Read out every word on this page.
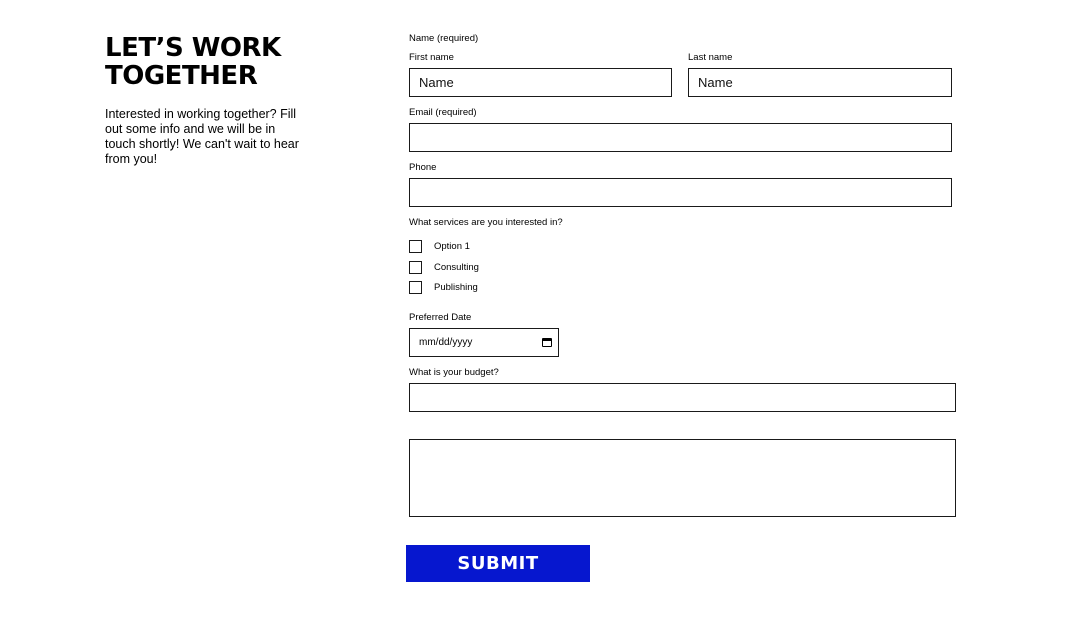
LET’S WORK TOGETHER

Interested in working together? Fill out some info and we will be in touch shortly! We can't wait to hear from you!

Name (required)
First name
Name	Last name
Name
Email (required)
Phone
What services are you interested in?
Option 1
Consulting
Publishing
Preferred Date
mm/dd/yyyy
What is your budget?
SUBMIT
